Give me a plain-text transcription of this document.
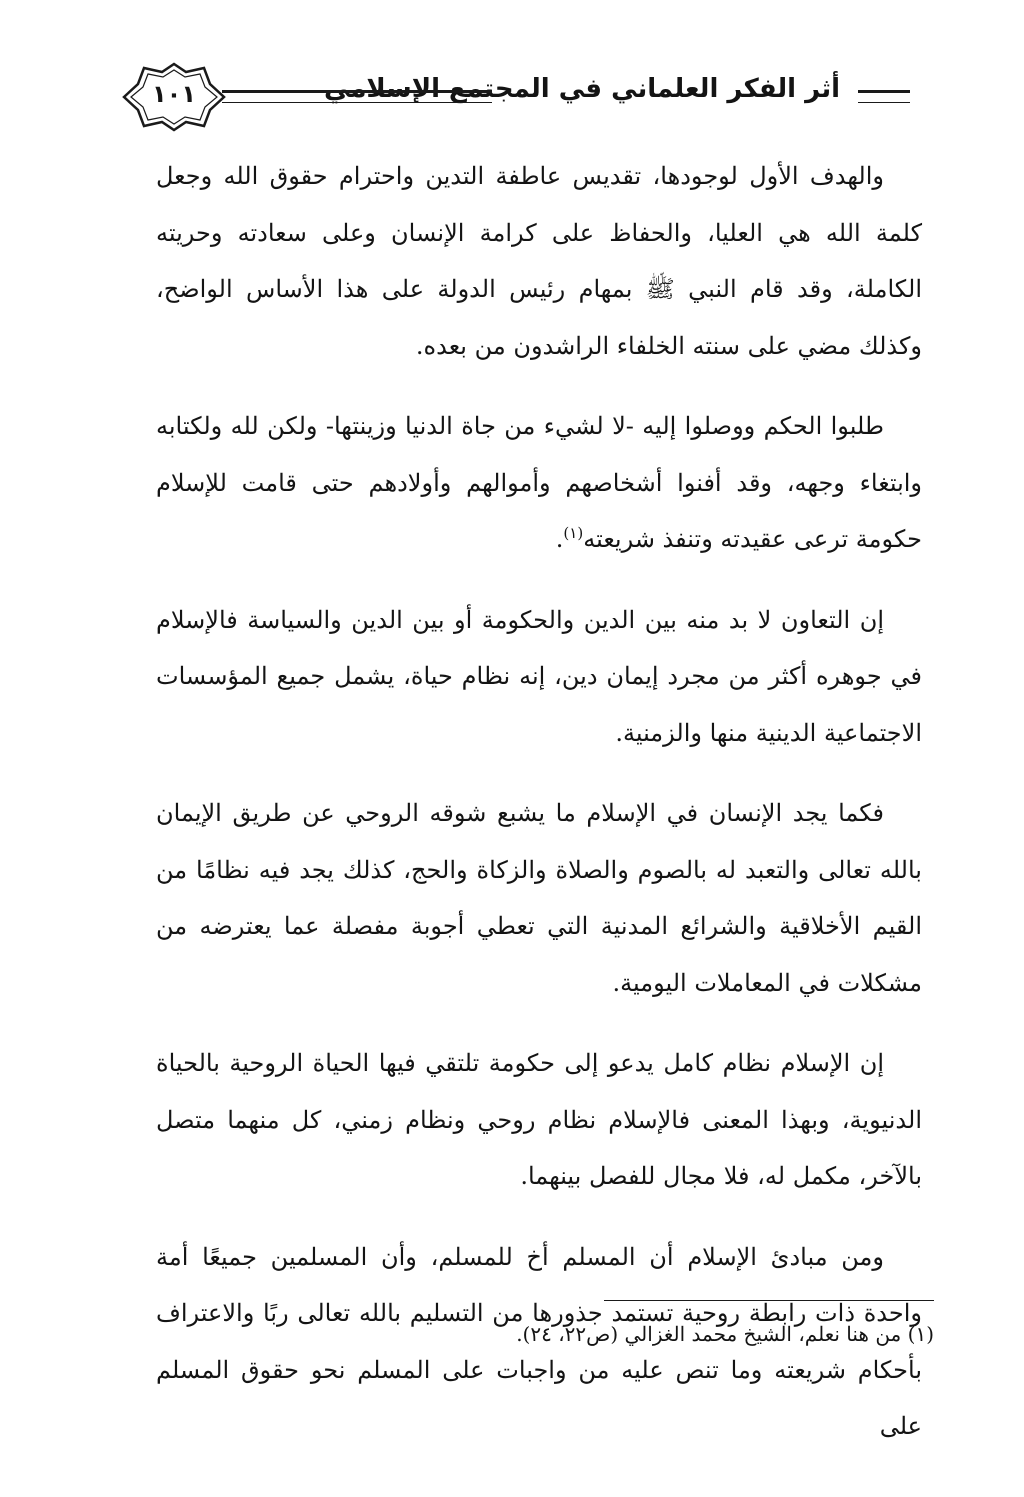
أثر الفكر العلماني في المجتمع الإسلامي
١٠١

والهدف الأول لوجودها، تقديس عاطفة التدين واحترام حقوق الله وجعل كلمة الله هي العليا، والحفاظ على كرامة الإنسان وعلى سعادته وحريته الكاملة، وقد قام النبي ﷺ بمهام رئيس الدولة على هذا الأساس الواضح، وكذلك مضي على سنته الخلفاء الراشدون من بعده.

طلبوا الحكم ووصلوا إليه -لا لشيء من جاة الدنيا وزينتها- ولكن لله ولكتابه وابتغاء وجهه، وقد أفنوا أشخاصهم وأموالهم وأولادهم حتى قامت للإسلام حكومة ترعى عقيدته وتنفذ شريعته$^{(١)}$.

إن التعاون لا بد منه بين الدين والحكومة أو بين الدين والسياسة فالإسلام في جوهره أكثر من مجرد إيمان دين، إنه نظام حياة، يشمل جميع المؤسسات الاجتماعية الدينية منها والزمنية.

فكما يجد الإنسان في الإسلام ما يشبع شوقه الروحي عن طريق الإيمان بالله تعالى والتعبد له بالصوم والصلاة والزكاة والحج، كذلك يجد فيه نظامًا من القيم الأخلاقية والشرائع المدنية التي تعطي أجوبة مفصلة عما يعترضه من مشكلات في المعاملات اليومية.

إن الإسلام نظام كامل يدعو إلى حكومة تلتقي فيها الحياة الروحية بالحياة الدنيوية، وبهذا المعنى فالإسلام نظام روحي ونظام زمني، كل منهما متصل بالآخر، مكمل له، فلا مجال للفصل بينهما.

ومن مبادئ الإسلام أن المسلم أخ للمسلم، وأن المسلمين جميعًا أمة واحدة ذات رابطة روحية تستمد جذورها من التسليم بالله تعالى ربًا والاعتراف بأحكام شريعته وما تنص عليه من واجبات على المسلم نحو حقوق المسلم على

(١) من هنا نعلم، الشيخ محمد الغزالي (ص٢٢، ٢٤).
